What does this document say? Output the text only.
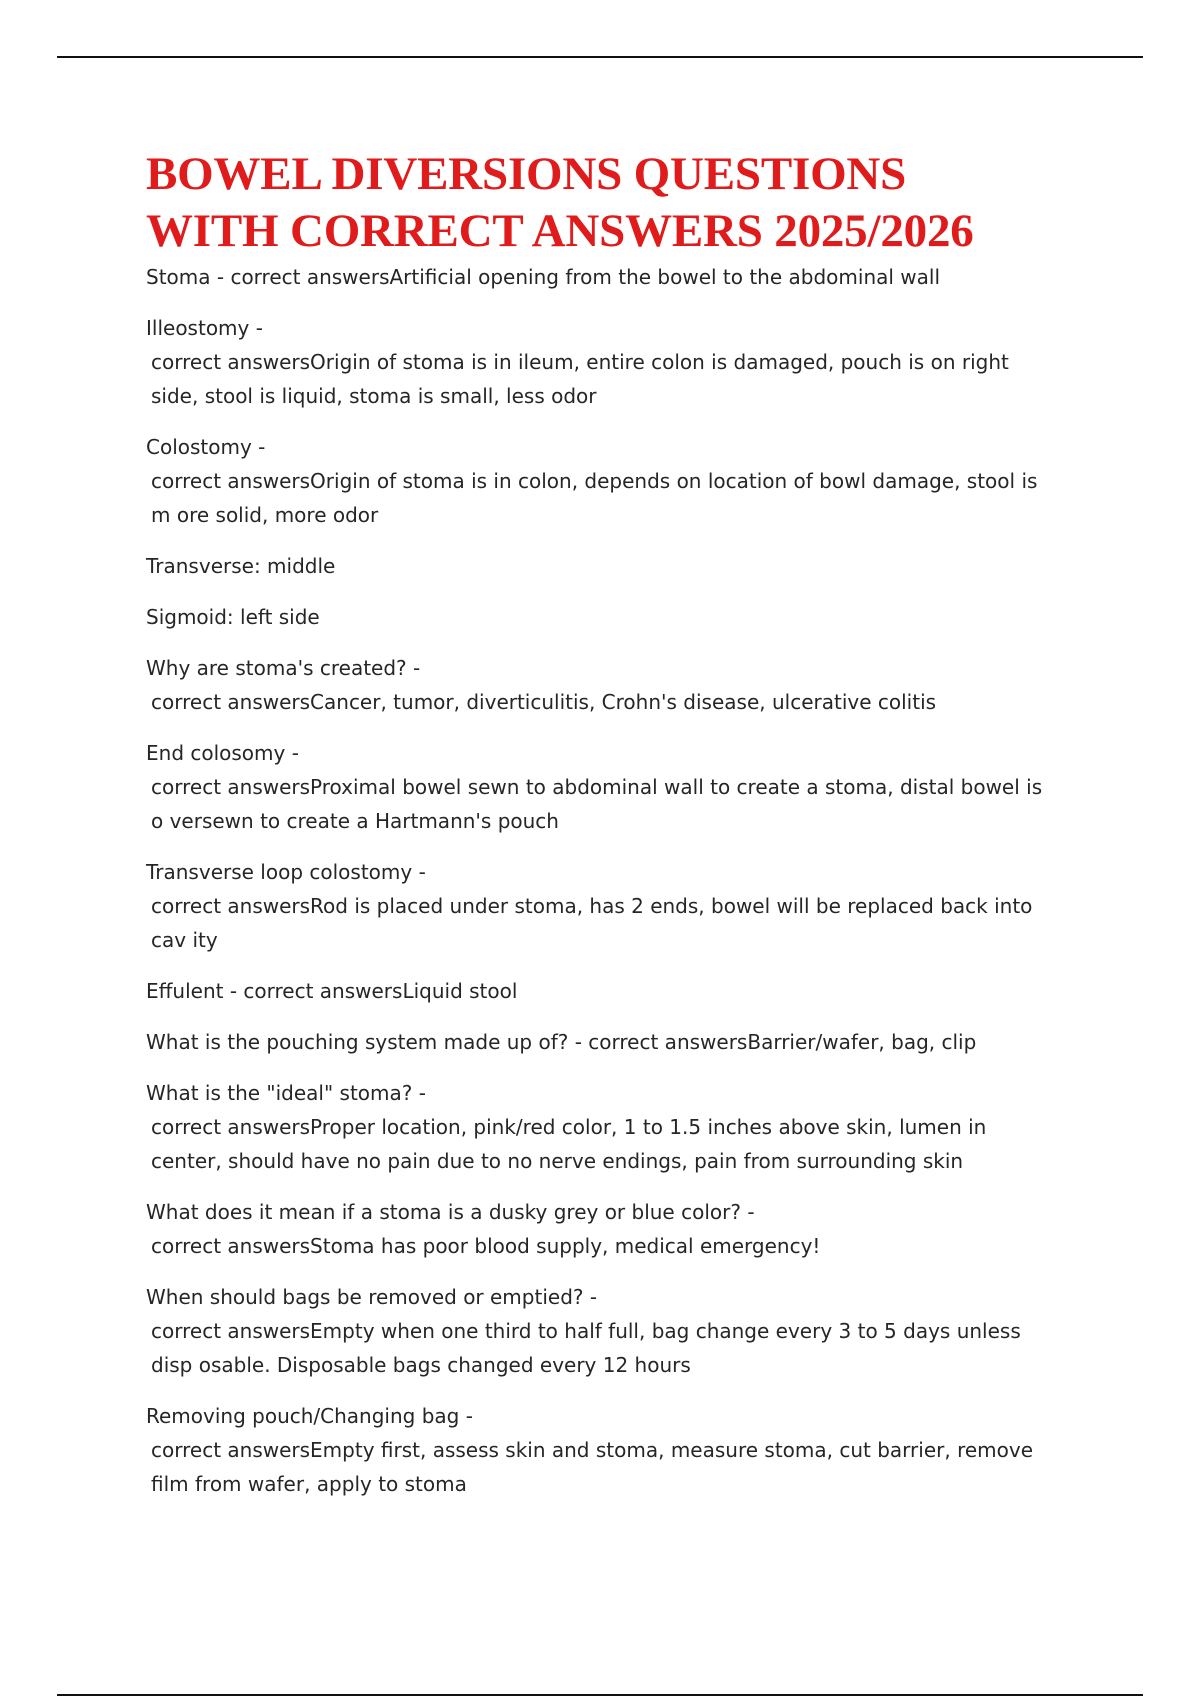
BOWEL DIVERSIONS QUESTIONS
WITH CORRECT ANSWERS 2025/2026

Stoma - correct answersArtificial opening from the bowel to the abdominal wall

Illeostomy -
correct answersOrigin of stoma is in ileum, entire colon is damaged, pouch is on right side, stool is liquid, stoma is small, less odor

Colostomy -
correct answersOrigin of stoma is in colon, depends on location of bowl damage, stool is m ore solid, more odor

Transverse: middle

Sigmoid: left side

Why are stoma's created? -
correct answersCancer, tumor, diverticulitis, Crohn's disease, ulcerative colitis

End colosomy -
correct answersProximal bowel sewn to abdominal wall to create a stoma, distal bowel is o versewn to create a Hartmann's pouch

Transverse loop colostomy -
correct answersRod is placed under stoma, has 2 ends, bowel will be replaced back into cav ity

Effulent - correct answersLiquid stool

What is the pouching system made up of? - correct answersBarrier/wafer, bag, clip

What is the "ideal" stoma? -
correct answersProper location, pink/red color, 1 to 1.5 inches above skin, lumen in center, should have no pain due to no nerve endings, pain from surrounding skin

What does it mean if a stoma is a dusky grey or blue color? -
correct answersStoma has poor blood supply, medical emergency!

When should bags be removed or emptied? -
correct answersEmpty when one third to half full, bag change every 3 to 5 days unless disp osable. Disposable bags changed every 12 hours

Removing pouch/Changing bag -
correct answersEmpty first, assess skin and stoma, measure stoma, cut barrier, remove film from wafer, apply to stoma
